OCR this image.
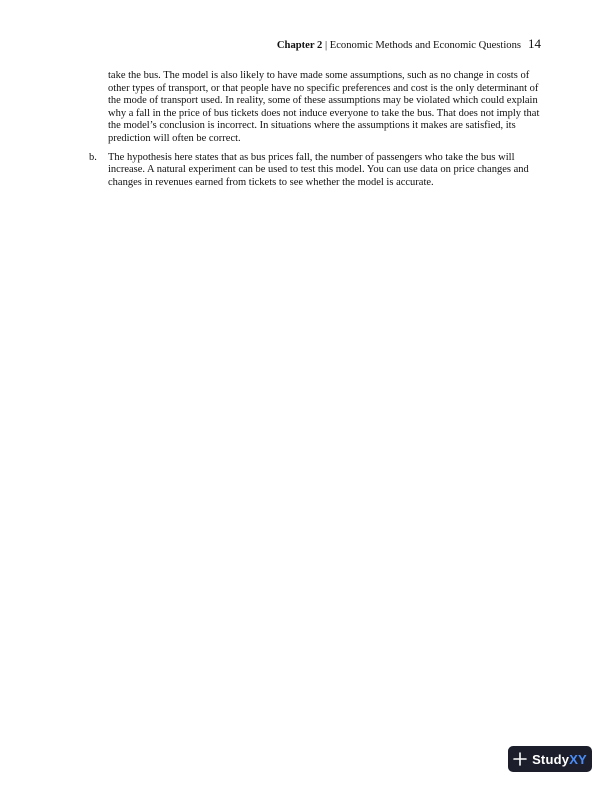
Chapter 2 | Economic Methods and Economic Questions 14

take the bus. The model is also likely to have made some assumptions, such as no change in costs of other types of transport, or that people have no specific preferences and cost is the only determinant of the mode of transport used. In reality, some of these assumptions may be violated which could explain why a fall in the price of bus tickets does not induce everyone to take the bus. That does not imply that the model’s conclusion is incorrect. In situations where the assumptions it makes are satisfied, its prediction will often be correct.

b.	The hypothesis here states that as bus prices fall, the number of passengers who take the bus will increase. A natural experiment can be used to test this model. You can use data on price changes and changes in revenues earned from tickets to see whether the model is accurate.
StudyXY
